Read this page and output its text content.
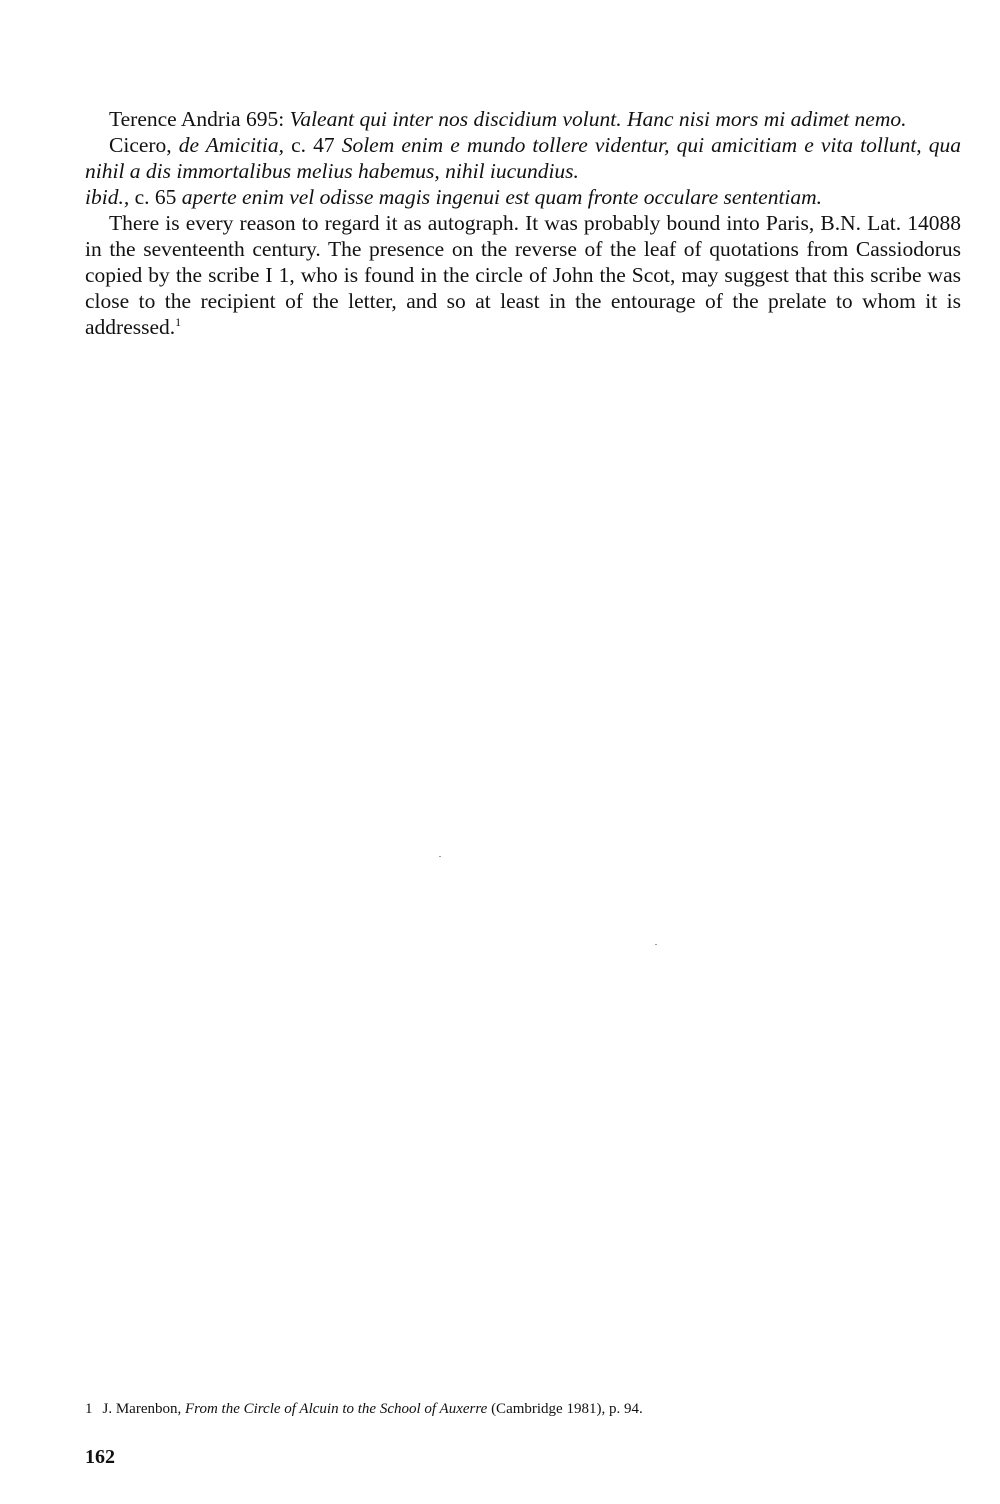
Terence Andria 695: Valeant qui inter nos discidium volunt. Hanc nisi mors mi adimet nemo.

Cicero, de Amicitia, c. 47 Solem enim e mundo tollere videntur, qui amicitiam e vita tollunt, qua nihil a dis immortalibus melius habemus, nihil iucundius.

ibid., c. 65 aperte enim vel odisse magis ingenui est quam fronte occulare sententiam.

There is every reason to regard it as autograph. It was probably bound into Paris, B.N. Lat. 14088 in the seventeenth century. The presence on the reverse of the leaf of quotations from Cassiodorus copied by the scribe I 1, who is found in the circle of John the Scot, may suggest that this scribe was close to the recipient of the letter, and so at least in the entourage of the prelate to whom it is addressed.$^1$

1 J. Marenbon, From the Circle of Alcuin to the School of Auxerre (Cambridge 1981), p. 94.
162
